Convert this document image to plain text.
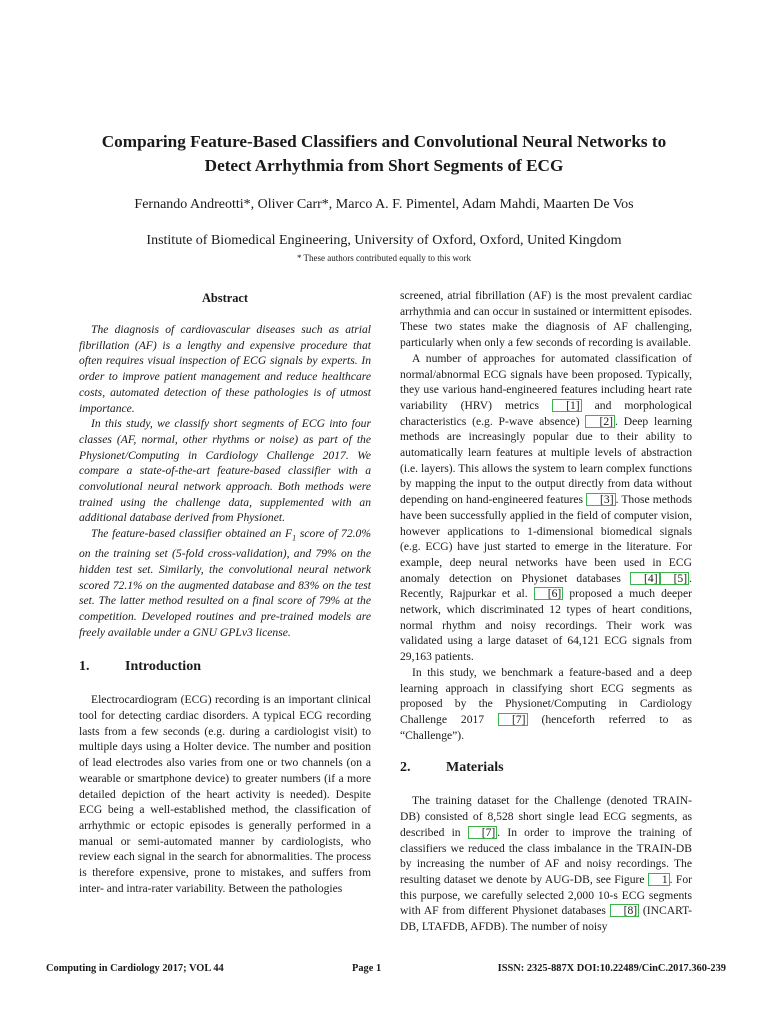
Comparing Feature-Based Classifiers and Convolutional Neural Networks to
Detect Arrhythmia from Short Segments of ECG
Fernando Andreotti*, Oliver Carr*, Marco A. F. Pimentel, Adam Mahdi, Maarten De Vos
Institute of Biomedical Engineering, University of Oxford, Oxford, United Kingdom
* These authors contributed equally to this work
Abstract

The diagnosis of cardiovascular diseases such as atrial fibrillation (AF) is a lengthy and expensive procedure that often requires visual inspection of ECG signals by experts. In order to improve patient management and reduce healthcare costs, automated detection of these pathologies is of utmost importance.

In this study, we classify short segments of ECG into four classes (AF, normal, other rhythms or noise) as part of the Physionet/Computing in Cardiology Challenge 2017. We compare a state-of-the-art feature-based classifier with a convolutional neural network approach. Both methods were trained using the challenge data, supplemented with an additional database derived from Physionet.

The feature-based classifier obtained an $F_1$ score of 72.0% on the training set (5-fold cross-validation), and 79% on the hidden test set. Similarly, the convolutional neural network scored 72.1% on the augmented database and 83% on the test set. The latter method resulted on a final score of 79% at the competition. Developed routines and pre-trained models are freely available under a GNU GPLv3 license.

1.	Introduction

Electrocardiogram (ECG) recording is an important clinical tool for detecting cardiac disorders. A typical ECG recording lasts from a few seconds (e.g. during a cardiologist visit) to multiple days using a Holter device. The number and position of lead electrodes also varies from one or two channels (on a wearable or smartphone device) to greater numbers (if a more detailed depiction of the heart activity is needed). Despite ECG being a well-established method, the classification of arrhythmic or ectopic episodes is generally performed in a manual or semi-automated manner by cardiologists, who review each signal in the search for abnormalities. The process is therefore expensive, prone to mistakes, and suffers from inter- and intra-rater variability. Between the pathologies

screened, atrial fibrillation (AF) is the most prevalent cardiac arrhythmia and can occur in sustained or intermittent episodes. These two states make the diagnosis of AF challenging, particularly when only a few seconds of recording is available.

A number of approaches for automated classification of normal/abnormal ECG signals have been proposed. Typically, they use various hand-engineered features including heart rate variability (HRV) metrics [1] and morphological characteristics (e.g. P-wave absence) [2] . Deep learning methods are increasingly popular due to their ability to automatically learn features at multiple levels of abstraction (i.e. layers). This allows the system to learn complex functions by mapping the input to the output directly from data without depending on hand-engineered features [3] . Those methods have been successfully applied in the field of computer vision, however applications to 1-dimensional biomedical signals (e.g. ECG) have just started to emerge in the literature. For example, deep neural networks have been used in ECG anomaly detection on Physionet databases [4] [5] . Recently, Rajpurkar et al. [6] proposed a much deeper network, which discriminated 12 types of heart conditions, normal rhythm and noisy recordings. Their work was validated using a large dataset of 64,121 ECG signals from 29,163 patients.

In this study, we benchmark a feature-based and a deep learning approach in classifying short ECG segments as proposed by the Physionet/Computing in Cardiology Challenge 2017 [7] (henceforth referred to as “Challenge”).

2.	Materials

The training dataset for the Challenge (denoted TRAIN-DB) consisted of 8,528 short single lead ECG segments, as described in [7] . In order to improve the training of classifiers we reduced the class imbalance in the TRAIN-DB by increasing the number of AF and noisy recordings. The resulting dataset we denote by AUG-DB, see Figure 1 . For this purpose, we carefully selected 2,000 10-s ECG segments with AF from different Physionet databases [8] (INCART-DB, LTAFDB, AFDB). The number of noisy

Computing in Cardiology 2017; VOL 44	Page 1	ISSN: 2325-887X DOI:10.22489/CinC.2017.360-239
